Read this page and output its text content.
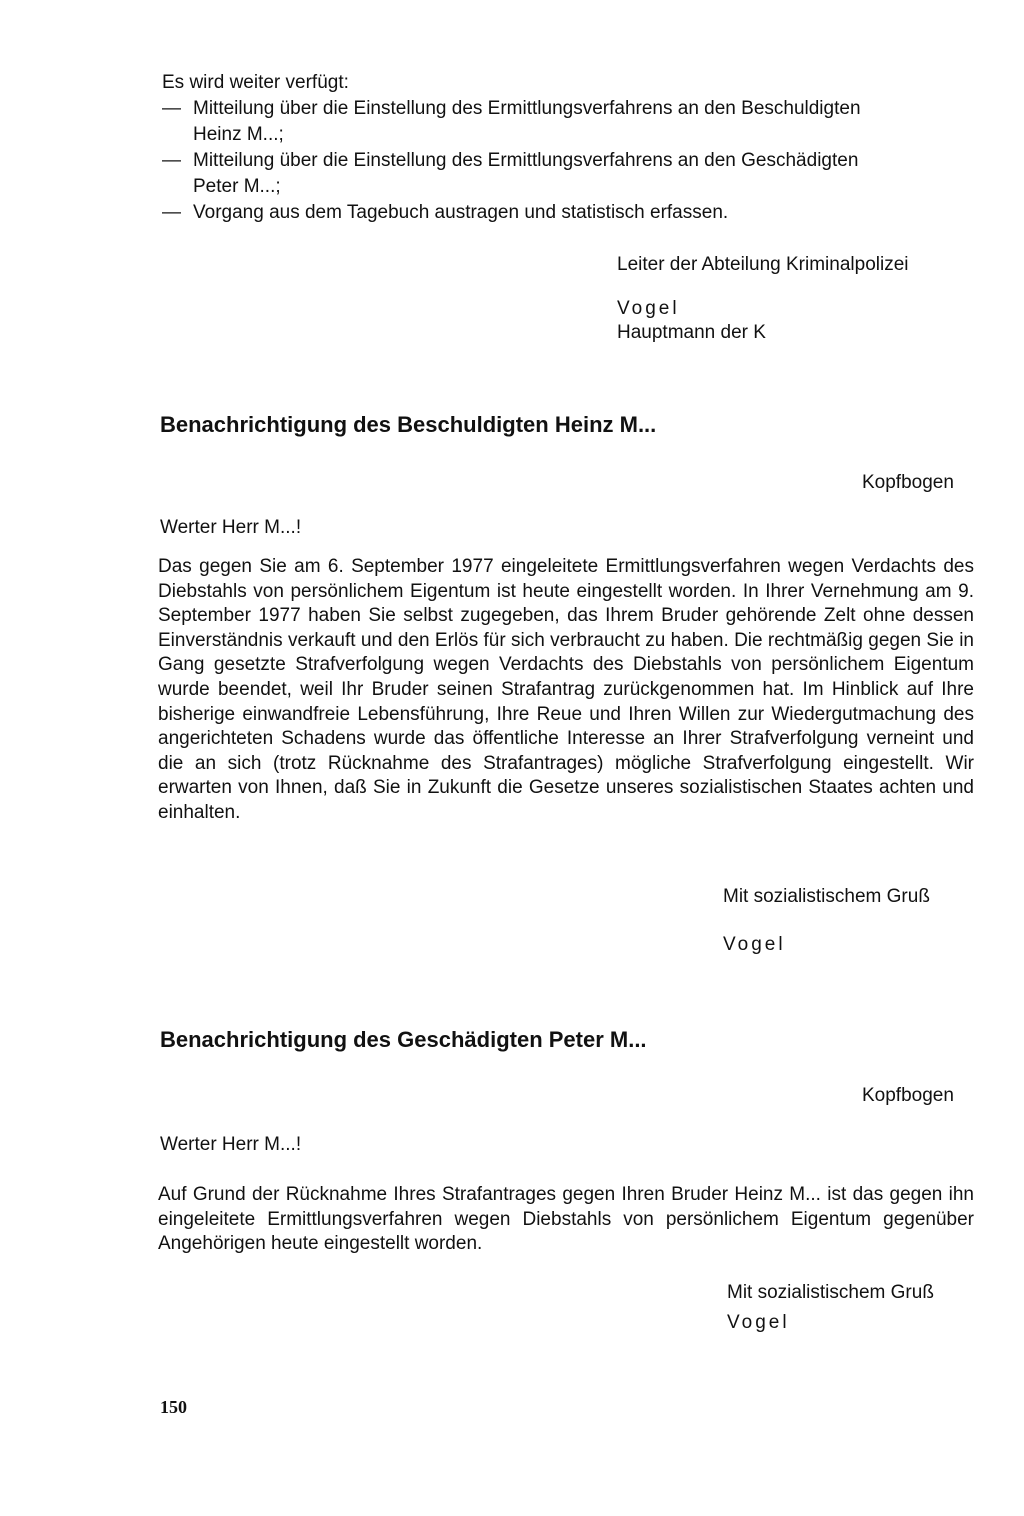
Es wird weiter verfügt:
— Mitteilung über die Einstellung des Ermittlungsverfahrens an den Beschuldigten
Heinz M...;
— Mitteilung über die Einstellung des Ermittlungsverfahrens an den Geschädigten
Peter M...;
— Vorgang aus dem Tagebuch austragen und statistisch erfassen.
Leiter der Abteilung Kriminalpolizei
Vogel
Hauptmann der K
Benachrichtigung des Beschuldigten Heinz M...
Kopfbogen
Werter Herr M...!
Das gegen Sie am 6. September 1977 eingeleitete Ermittlungsverfahren wegen Verdachts des Diebstahls von persönlichem Eigentum ist heute eingestellt worden. In Ihrer Vernehmung am 9. September 1977 haben Sie selbst zugegeben, das Ihrem Bruder gehörende Zelt ohne dessen Einverständnis verkauft und den Erlös für sich verbraucht zu haben. Die rechtmäßig gegen Sie in Gang gesetzte Strafverfolgung wegen Verdachts des Diebstahls von persönlichem Eigentum wurde beendet, weil Ihr Bruder seinen Strafantrag zurückgenommen hat. Im Hinblick auf Ihre bisherige einwandfreie Lebensführung, Ihre Reue und Ihren Willen zur Wiedergutmachung des angerichteten Schadens wurde das öffentliche Interesse an Ihrer Strafverfolgung verneint und die an sich (trotz Rücknahme des Strafantrages) mögliche Strafverfolgung eingestellt. Wir erwarten von Ihnen, daß Sie in Zukunft die Gesetze unseres sozialistischen Staates achten und einhalten.
Mit sozialistischem Gruß
Vogel
Benachrichtigung des Geschädigten Peter M...
Kopfbogen
Werter Herr M...!
Auf Grund der Rücknahme Ihres Strafantrages gegen Ihren Bruder Heinz M... ist das gegen ihn eingeleitete Ermittlungsverfahren wegen Diebstahls von persönlichem Eigentum gegenüber Angehörigen heute eingestellt worden.
Mit sozialistischem Gruß
Vogel
150
